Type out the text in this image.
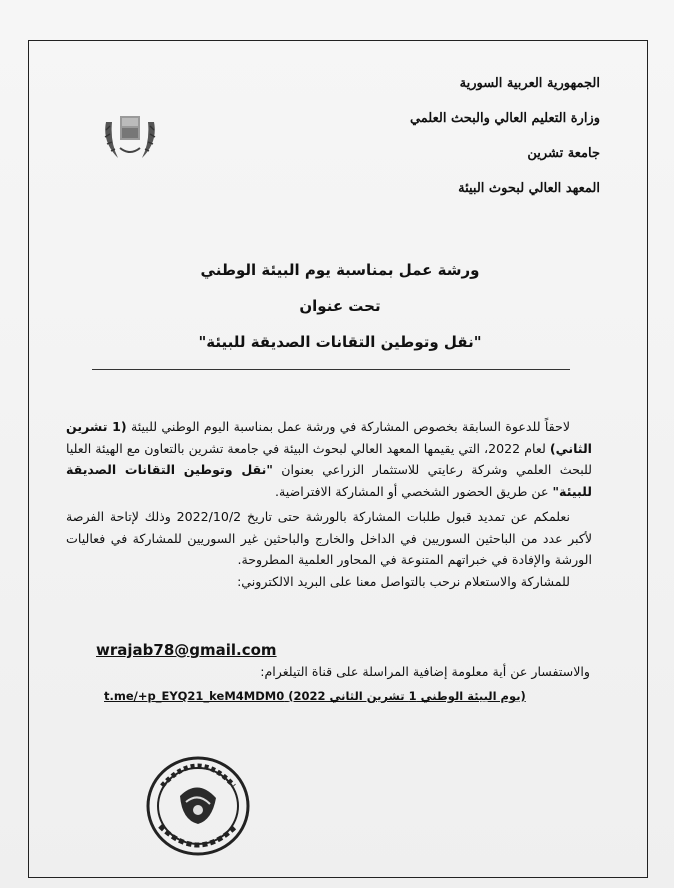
الجمهورية العربية السورية
وزارة التعليم العالي والبحث العلمي
جامعة تشرين
المعهد العالي لبحوث البيئة
ورشة عمل بمناسبة يوم البيئة الوطني
تحت عنوان
"نقل وتوطين التقانات الصديقة للبيئة"

لاحقاً للدعوة السابقة بخصوص المشاركة في ورشة عمل بمناسبة اليوم الوطني للبيئة (1 تشرين الثاني) لعام 2022، التي يقيمها المعهد العالي لبحوث البيئة في جامعة تشرين بالتعاون مع الهيئة العليا للبحث العلمي وشركة رعايتي للاستثمار الزراعي بعنوان "نقل وتوطين التقانات الصديقة للبيئة" عن طريق الحضور الشخصي أو المشاركة الافتراضية.

نعلمكم عن تمديد قبول طلبات المشاركة بالورشة حتى تاريخ 2022/10/2 وذلك لإتاحة الفرصة لأكبر عدد من الباحثين السوريين في الداخل والخارج والباحثين غير السوريين للمشاركة في فعاليات الورشة والإفادة في خبراتهم المتنوعة في المحاور العلمية المطروحة.

للمشاركة والاستعلام نرحب بالتواصل معنا على البريد الالكتروني:

wrajab78@gmail.com
والاستفسار عن أية معلومة إضافية المراسلة على قناة التيلغرام:
t.me/+p_EYQ21_keM4MDM0 (يوم البيئة الوطني 1 تشرين الثاني 2022)
